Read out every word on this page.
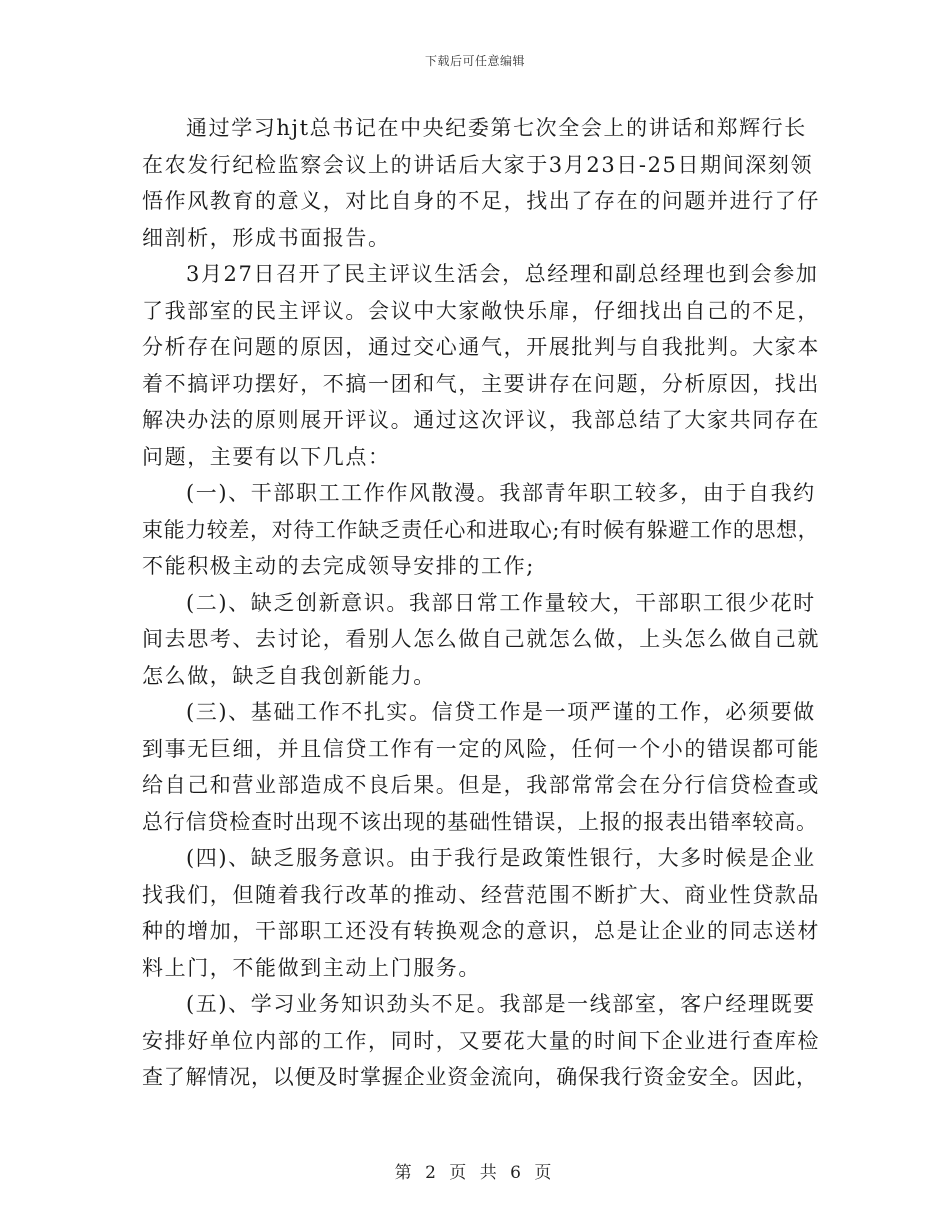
下载后可任意编辑

通过学习hjt总书记在中央纪委第七次全会上的讲话和郑辉行长
在农发行纪检监察会议上的讲话后大家于3月23日-25日期间深刻领
悟作风教育的意义，对比自身的不足，找出了存在的问题并进行了仔
细剖析，形成书面报告。

3月27日召开了民主评议生活会，总经理和副总经理也到会参加
了我部室的民主评议。会议中大家敞快乐扉，仔细找出自己的不足，
分析存在问题的原因，通过交心通气，开展批判与自我批判。大家本
着不搞评功摆好，不搞一团和气，主要讲存在问题，分析原因，找出
解决办法的原则展开评议。通过这次评议，我部总结了大家共同存在
问题，主要有以下几点：

(一)、干部职工工作作风散漫。我部青年职工较多，由于自我约
束能力较差，对待工作缺乏责任心和进取心;有时候有躲避工作的思想，
不能积极主动的去完成领导安排的工作;

(二)、缺乏创新意识。我部日常工作量较大，干部职工很少花时
间去思考、去讨论，看别人怎么做自己就怎么做，上头怎么做自己就
怎么做，缺乏自我创新能力。

(三)、基础工作不扎实。信贷工作是一项严谨的工作，必须要做
到事无巨细，并且信贷工作有一定的风险，任何一个小的错误都可能
给自己和营业部造成不良后果。但是，我部常常会在分行信贷检查或
总行信贷检查时出现不该出现的基础性错误，上报的报表出错率较高。

(四)、缺乏服务意识。由于我行是政策性银行，大多时候是企业
找我们，但随着我行改革的推动、经营范围不断扩大、商业性贷款品
种的增加，干部职工还没有转换观念的意识，总是让企业的同志送材
料上门，不能做到主动上门服务。

(五)、学习业务知识劲头不足。我部是一线部室，客户经理既要
安排好单位内部的工作，同时，又要花大量的时间下企业进行查库检
查了解情况，以便及时掌握企业资金流向，确保我行资金安全。因此，

第 2 页 共 6 页
